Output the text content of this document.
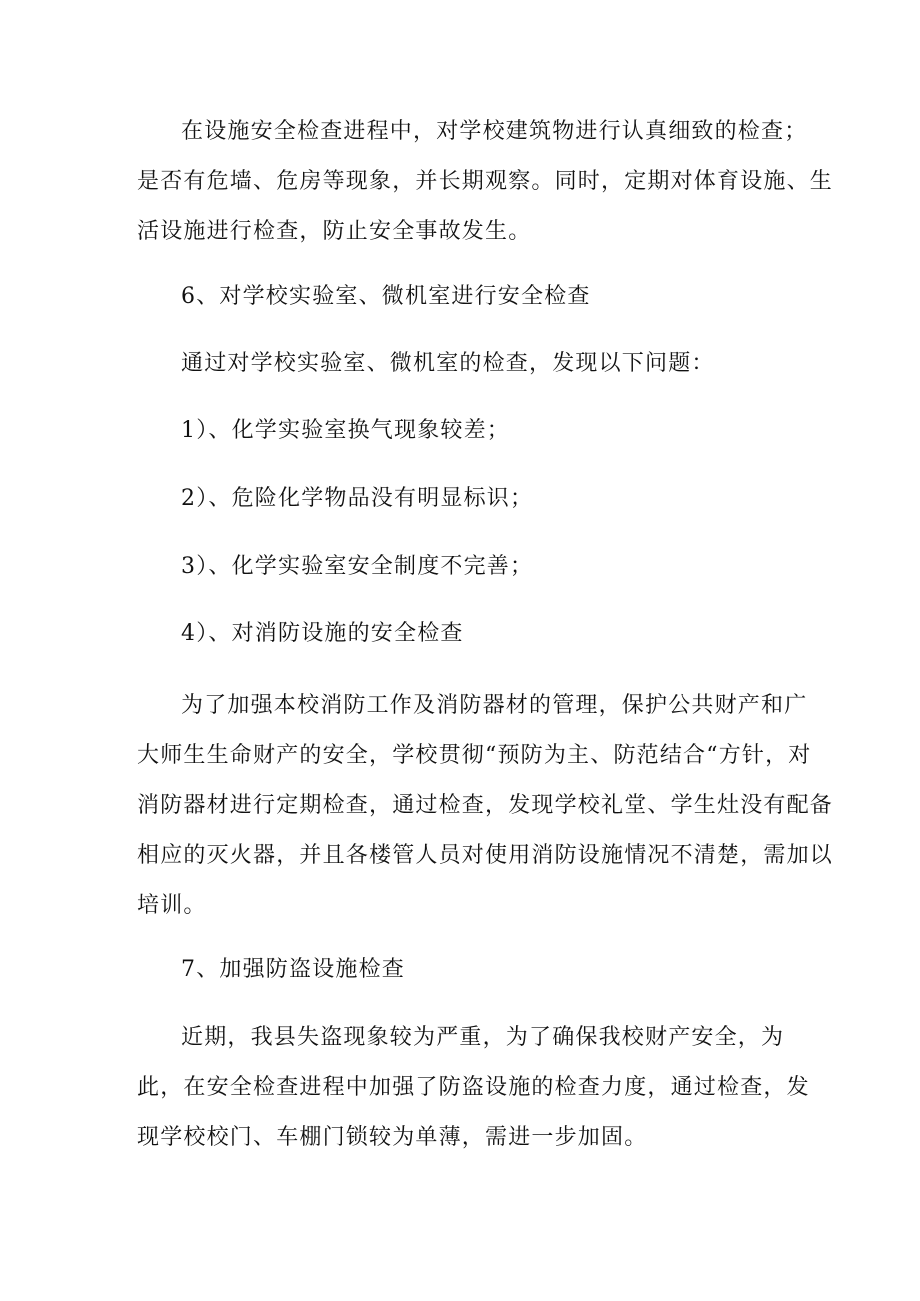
在设施安全检查进程中，对学校建筑物进行认真细致的检查；
是否有危墙、危房等现象，并长期观察。同时，定期对体育设施、生
活设施进行检查，防止安全事故发生。
6、对学校实验室、微机室进行安全检查
通过对学校实验室、微机室的检查，发现以下问题：
1）、化学实验室换气现象较差；
2）、危险化学物品没有明显标识；
3）、化学实验室安全制度不完善；
4）、对消防设施的安全检查
为了加强本校消防工作及消防器材的管理，保护公共财产和广
大师生生命财产的安全，学校贯彻“预防为主、防范结合“方针，对
消防器材进行定期检查，通过检查，发现学校礼堂、学生灶没有配备
相应的灭火器，并且各楼管人员对使用消防设施情况不清楚，需加以
培训。
7、加强防盗设施检查
近期，我县失盗现象较为严重，为了确保我校财产安全，为
此，在安全检查进程中加强了防盗设施的检查力度，通过检查，发
现学校校门、车棚门锁较为单薄，需进一步加固。
